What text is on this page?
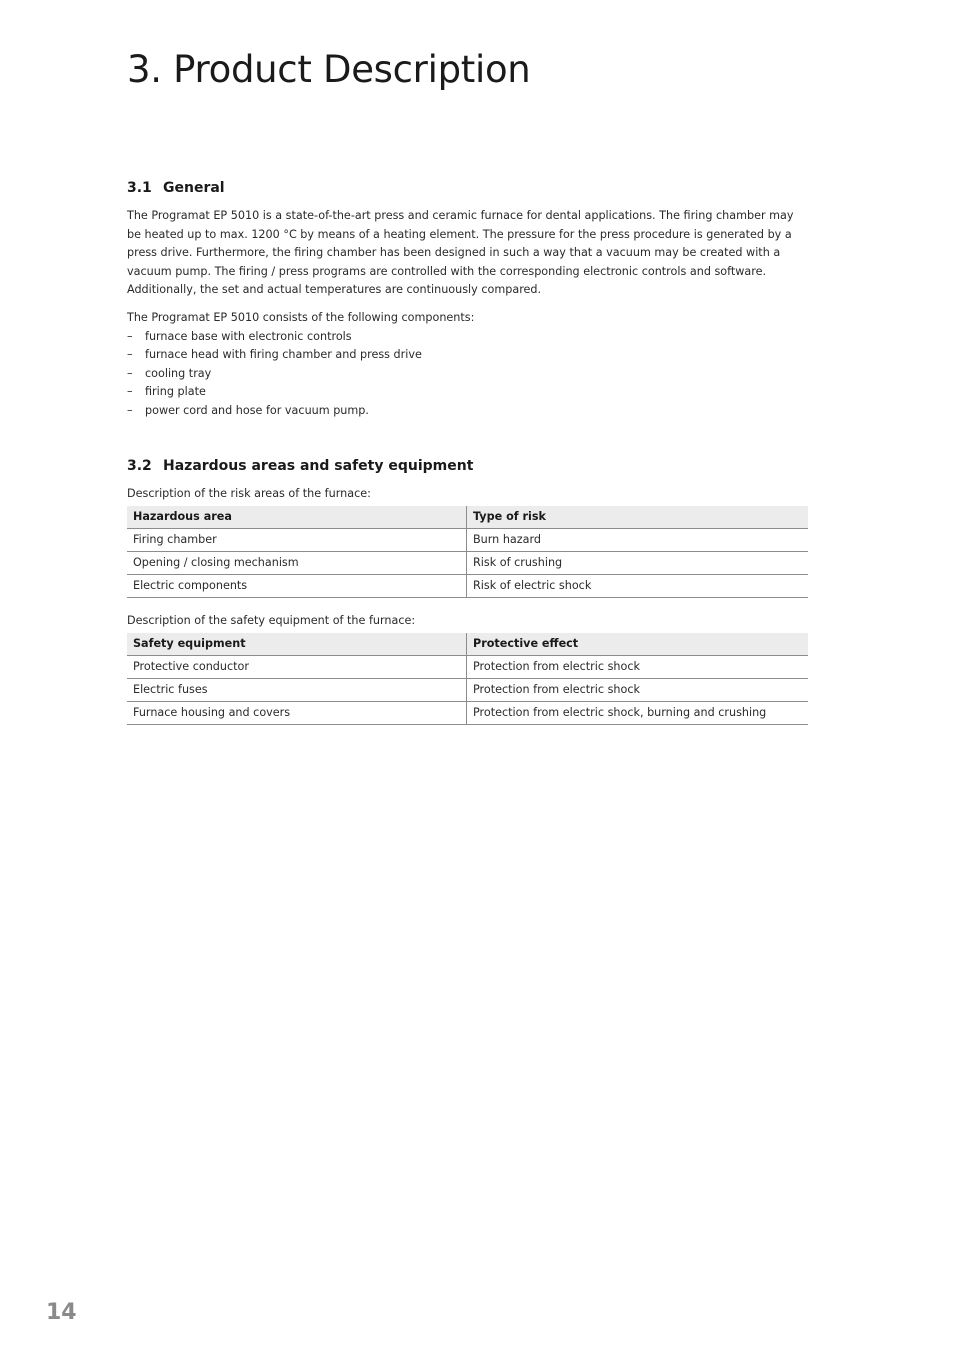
3. Product Description
3.1 General

The Programat EP 5010 is a state-of-the-art press and ceramic furnace for dental applications. The firing chamber may be heated up to max. 1200 °C by means of a heating element. The pressure for the press procedure is generated by a press drive. Furthermore, the firing chamber has been designed in such a way that a vacuum may be created with a vacuum pump. The firing / press programs are controlled with the corresponding electronic controls and software. Additionally, the set and actual temperatures are continuously compared.

The Programat EP 5010 consists of the following components:

– furnace base with electronic controls
– furnace head with firing chamber and press drive
– cooling tray
– firing plate
– power cord and hose for vacuum pump.
3.2 Hazardous areas and safety equipment

Description of the risk areas of the furnace:

Hazardous area	Type of risk
Firing chamber	Burn hazard
Opening / closing mechanism	Risk of crushing
Electric components	Risk of electric shock

Description of the safety equipment of the furnace:

Safety equipment	Protective effect
Protective conductor	Protection from electric shock
Electric fuses	Protection from electric shock
Furnace housing and covers	Protection from electric shock, burning and crushing
14
